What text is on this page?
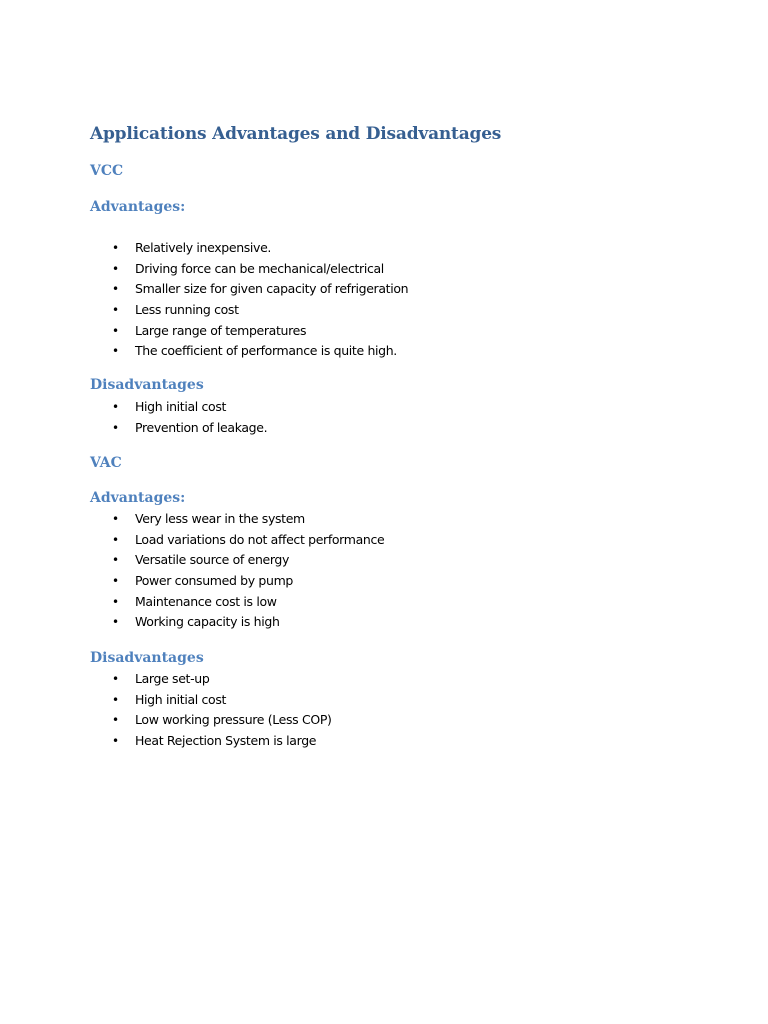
Applications Advantages and Disadvantages
VCC
Advantages:
• Relatively inexpensive.
• Driving force can be mechanical/electrical
• Smaller size for given capacity of refrigeration
• Less running cost
• Large range of temperatures
• The coefficient of performance is quite high.
Disadvantages
• High initial cost
• Prevention of leakage.
VAC
Advantages:
• Very less wear in the system
• Load variations do not affect performance
• Versatile source of energy
• Power consumed by pump
• Maintenance cost is low
• Working capacity is high
Disadvantages
• Large set-up
• High initial cost
• Low working pressure (Less COP)
• Heat Rejection System is large
